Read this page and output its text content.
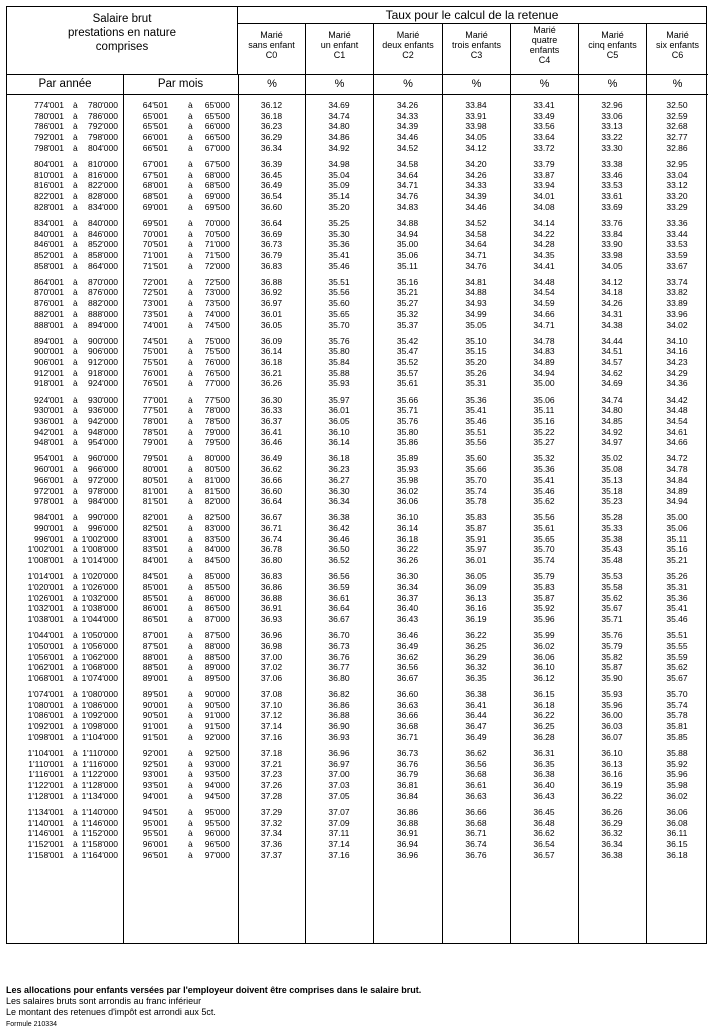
Salaire brut
prestations en nature
comprises
Taux pour le calcul de la retenue
Marié
sans enfant
C0
Marié
un enfant
C1
Marié
deux enfants
C2
Marié
trois enfants
C3
Marié
quatre
enfants
C4
Marié
cinq enfants
C5
Marié
six enfants
C6
Par année	Par mois	%	%	%	%	%	%	%
774'001 à	780'000	64'501 à	65'000	36.12	34.69	34.26	33.84	33.41	32.96	32.50
780'001 à	786'000	65'001 à	65'500	36.18	34.74	34.33	33.91	33.49	33.06	32.59
786'001 à	792'000	65'501 à	66'000	36.23	34.80	34.39	33.98	33.56	33.13	32.68
792'001 à	798'000	66'001 à	66'500	36.29	34.86	34.46	34.05	33.64	33.22	32.77
798'001 à	804'000	66'501 à	67'000	36.34	34.92	34.52	34.12	33.72	33.30	32.86
804'001 à	810'000	67'001 à	67'500	36.39	34.98	34.58	34.20	33.79	33.38	32.95
810'001 à	816'000	67'501 à	68'000	36.45	35.04	34.64	34.26	33.87	33.46	33.04
816'001 à	822'000	68'001 à	68'500	36.49	35.09	34.71	34.33	33.94	33.53	33.12
822'001 à	828'000	68'501 à	69'000	36.54	35.14	34.76	34.39	34.01	33.61	33.20
828'001 à	834'000	69'001 à	69'500	36.60	35.20	34.83	34.46	34.08	33.69	33.29
834'001 à	840'000	69'501 à	70'000	36.64	35.25	34.88	34.52	34.14	33.76	33.36
840'001 à	846'000	70'001 à	70'500	36.69	35.30	34.94	34.58	34.22	33.84	33.44
846'001 à	852'000	70'501 à	71'000	36.73	35.36	35.00	34.64	34.28	33.90	33.53
852'001 à	858'000	71'001 à	71'500	36.79	35.41	35.06	34.71	34.35	33.98	33.59
858'001 à	864'000	71'501 à	72'000	36.83	35.46	35.11	34.76	34.41	34.05	33.67
864'001 à	870'000	72'001 à	72'500	36.88	35.51	35.16	34.81	34.48	34.12	33.74
870'001 à	876'000	72'501 à	73'000	36.92	35.56	35.21	34.88	34.54	34.18	33.82
876'001 à	882'000	73'001 à	73'500	36.97	35.60	35.27	34.93	34.59	34.26	33.89
882'001 à	888'000	73'501 à	74'000	36.01	35.65	35.32	34.99	34.66	34.31	33.96
888'001 à	894'000	74'001 à	74'500	36.05	35.70	35.37	35.05	34.71	34.38	34.02
894'001 à	900'000	74'501 à	75'000	36.09	35.76	35.42	35.10	34.78	34.44	34.10
900'001 à	906'000	75'001 à	75'500	36.14	35.80	35.47	35.15	34.83	34.51	34.16
906'001 à	912'000	75'501 à	76'000	36.18	35.84	35.52	35.20	34.89	34.57	34.23
912'001 à	918'000	76'001 à	76'500	36.21	35.88	35.57	35.26	34.94	34.62	34.29
918'001 à	924'000	76'501 à	77'000	36.26	35.93	35.61	35.31	35.00	34.69	34.36
924'001 à	930'000	77'001 à	77'500	36.30	35.97	35.66	35.36	35.06	34.74	34.42
930'001 à	936'000	77'501 à	78'000	36.33	36.01	35.71	35.41	35.11	34.80	34.48
936'001 à	942'000	78'001 à	78'500	36.37	36.05	35.76	35.46	35.16	34.85	34.54
942'001 à	948'000	78'501 à	79'000	36.41	36.10	35.80	35.51	35.22	34.92	34.61
948'001 à	954'000	79'001 à	79'500	36.46	36.14	35.86	35.56	35.27	34.97	34.66
954'001 à	960'000	79'501 à	80'000	36.49	36.18	35.89	35.60	35.32	35.02	34.72
960'001 à	966'000	80'001 à	80'500	36.62	36.23	35.93	35.66	35.36	35.08	34.78
966'001 à	972'000	80'501 à	81'000	36.66	36.27	35.98	35.70	35.41	35.13	34.84
972'001 à	978'000	81'001 à	81'500	36.60	36.30	36.02	35.74	35.46	35.18	34.89
978'001 à	984'000	81'501 à	82'000	36.64	36.34	36.06	35.78	35.62	35.23	34.94
984'001 à	990'000	82'001 à	82'500	36.67	36.38	36.10	35.83	35.56	35.28	35.00
990'001 à	996'000	82'501 à	83'000	36.71	36.42	36.14	35.87	35.61	35.33	35.06
996'001 à 1'002'000	83'001 à	83'500	36.74	36.46	36.18	35.91	35.65	35.38	35.11
1'002'001 à 1'008'000	83'501 à	84'000	36.78	36.50	36.22	35.97	35.70	35.43	35.16
1'008'001 à 1'014'000	84'001 à	84'500	36.80	36.52	36.26	36.01	35.74	35.48	35.21
1'014'001 à 1'020'000	84'501 à	85'000	36.83	36.56	36.30	36.05	35.79	35.53	35.26
1'020'001 à 1'026'000	85'001 à	85'500	36.86	36.59	36.34	36.09	35.83	35.58	35.31
1'026'001 à 1'032'000	85'501 à	86'000	36.88	36.61	36.37	36.13	35.87	35.62	35.36
1'032'001 à 1'038'000	86'001 à	86'500	36.91	36.64	36.40	36.16	35.92	35.67	35.41
1'038'001 à 1'044'000	86'501 à	87'000	36.93	36.67	36.43	36.19	35.96	35.71	35.46
1'044'001 à 1'050'000	87'001 à	87'500	36.96	36.70	36.46	36.22	35.99	35.76	35.51
1'050'001 à 1'056'000	87'501 à	88'000	36.98	36.73	36.49	36.25	36.02	35.79	35.55
1'056'001 à 1'062'000	88'001 à	88'500	37.00	36.76	36.62	36.29	36.06	35.82	35.59
1'062'001 à 1'068'000	88'501 à	89'000	37.02	36.77	36.56	36.32	36.10	35.87	35.62
1'068'001 à 1'074'000	89'001 à	89'500	37.06	36.80	36.67	36.35	36.12	35.90	35.67
1'074'001 à 1'080'000	89'501 à	90'000	37.08	36.82	36.60	36.38	36.15	35.93	35.70
1'080'001 à 1'086'000	90'001 à	90'500	37.10	36.86	36.63	36.41	36.18	35.96	35.74
1'086'001 à 1'092'000	90'501 à	91'000	37.12	36.88	36.66	36.44	36.22	36.00	35.78
1'092'001 à 1'098'000	91'001 à	91'500	37.14	36.90	36.68	36.47	36.25	36.03	35.81
1'098'001 à 1'104'000	91'501 à	92'000	37.16	36.93	36.71	36.49	36.28	36.07	35.85
1'104'001 à 1'110'000	92'001 à	92'500	37.18	36.96	36.73	36.62	36.31	36.10	35.88
1'110'001 à 1'116'000	92'501 à	93'000	37.21	36.97	36.76	36.56	36.35	36.13	35.92
1'116'001 à 1'122'000	93'001 à	93'500	37.23	37.00	36.79	36.68	36.38	36.16	35.96
1'122'001 à 1'128'000	93'501 à	94'000	37.26	37.03	36.81	36.61	36.40	36.19	35.98
1'128'001 à 1'134'000	94'001 à	94'500	37.28	37.05	36.84	36.63	36.43	36.22	36.02
1'134'001 à 1'140'000	94'501 à	95'000	37.29	37.07	36.86	36.66	36.45	36.26	36.06
1'140'001 à 1'146'000	95'001 à	95'500	37.32	37.09	36.88	36.68	36.48	36.29	36.08
1'146'001 à 1'152'000	95'501 à	96'000	37.34	37.11	36.91	36.71	36.62	36.32	36.11
1'152'001 à 1'158'000	96'001 à	96'500	37.36	37.14	36.94	36.74	36.54	36.34	36.15
1'158'001 à 1'164'000	96'501 à	97'000	37.37	37.16	36.96	36.76	36.57	36.38	36.18
Les allocations pour enfants versées par l'employeur doivent être comprises dans le salaire brut.
Les salaires bruts sont arrondis au franc inférieur
Le montant des retenues d'impôt est arrondi aux 5ct.
Formule 210334
